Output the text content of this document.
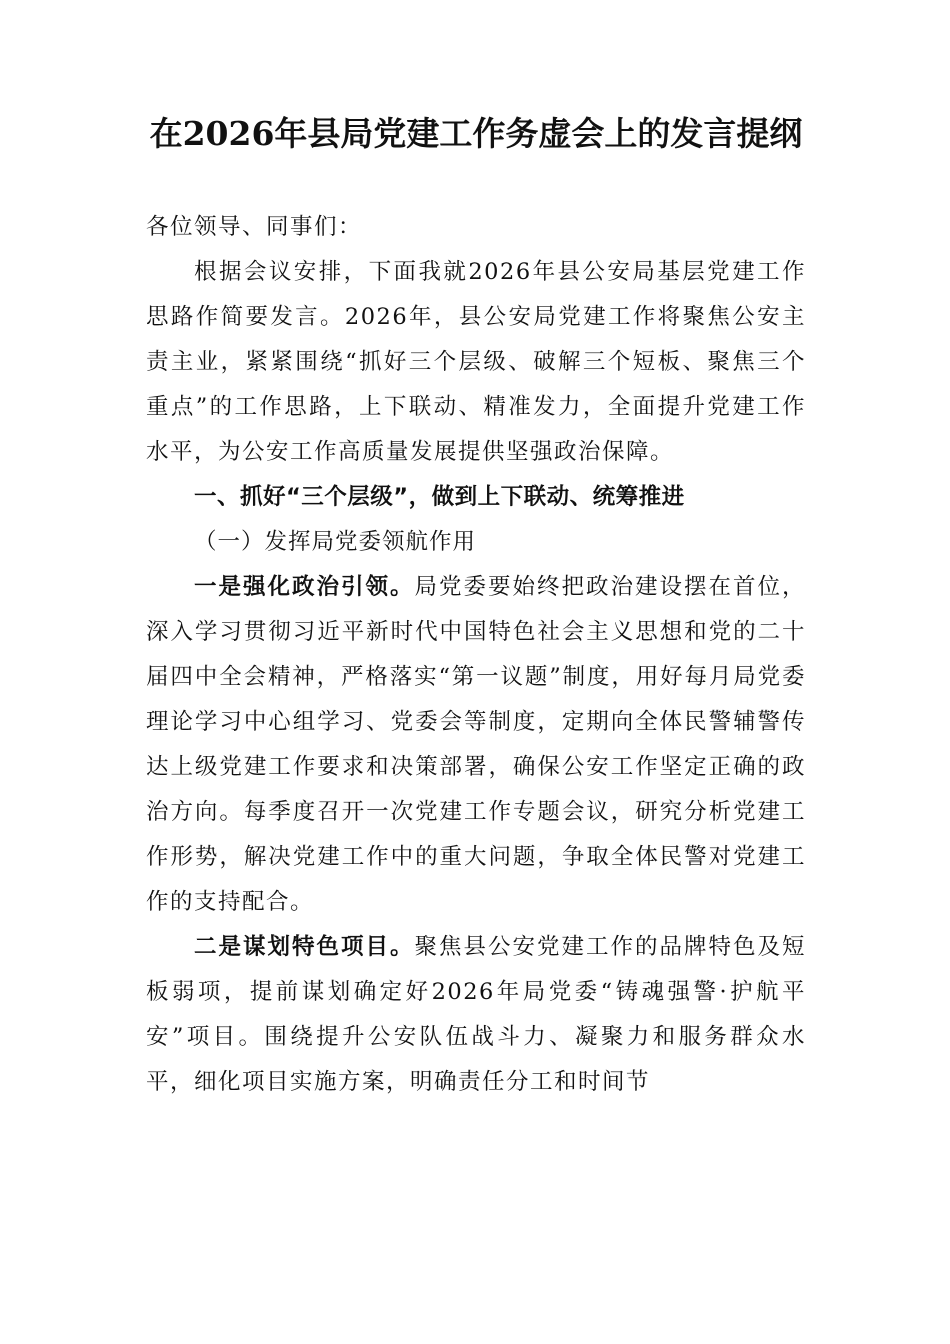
在2026年县局党建工作务虚会上的发言提纲

各位领导、同事们：

根据会议安排，下面我就2026年县公安局基层党建工作思路作简要发言。2026年，县公安局党建工作将聚焦公安主责主业，紧紧围绕“抓好三个层级、破解三个短板、聚焦三个重点”的工作思路，上下联动、精准发力，全面提升党建工作水平，为公安工作高质量发展提供坚强政治保障。

一、抓好“三个层级”，做到上下联动、统筹推进

（一）发挥局党委领航作用

一是强化政治引领。局党委要始终把政治建设摆在首位，深入学习贯彻习近平新时代中国特色社会主义思想和党的二十届四中全会精神，严格落实“第一议题”制度，用好每月局党委理论学习中心组学习、党委会等制度，定期向全体民警辅警传达上级党建工作要求和决策部署，确保公安工作坚定正确的政治方向。每季度召开一次党建工作专题会议，研究分析党建工作形势，解决党建工作中的重大问题，争取全体民警对党建工作的支持配合。

二是谋划特色项目。聚焦县公安党建工作的品牌特色及短板弱项，提前谋划确定好2026年局党委“铸魂强警·护航平安”项目。围绕提升公安队伍战斗力、凝聚力和服务群众水平，细化项目实施方案，明确责任分工和时间节
